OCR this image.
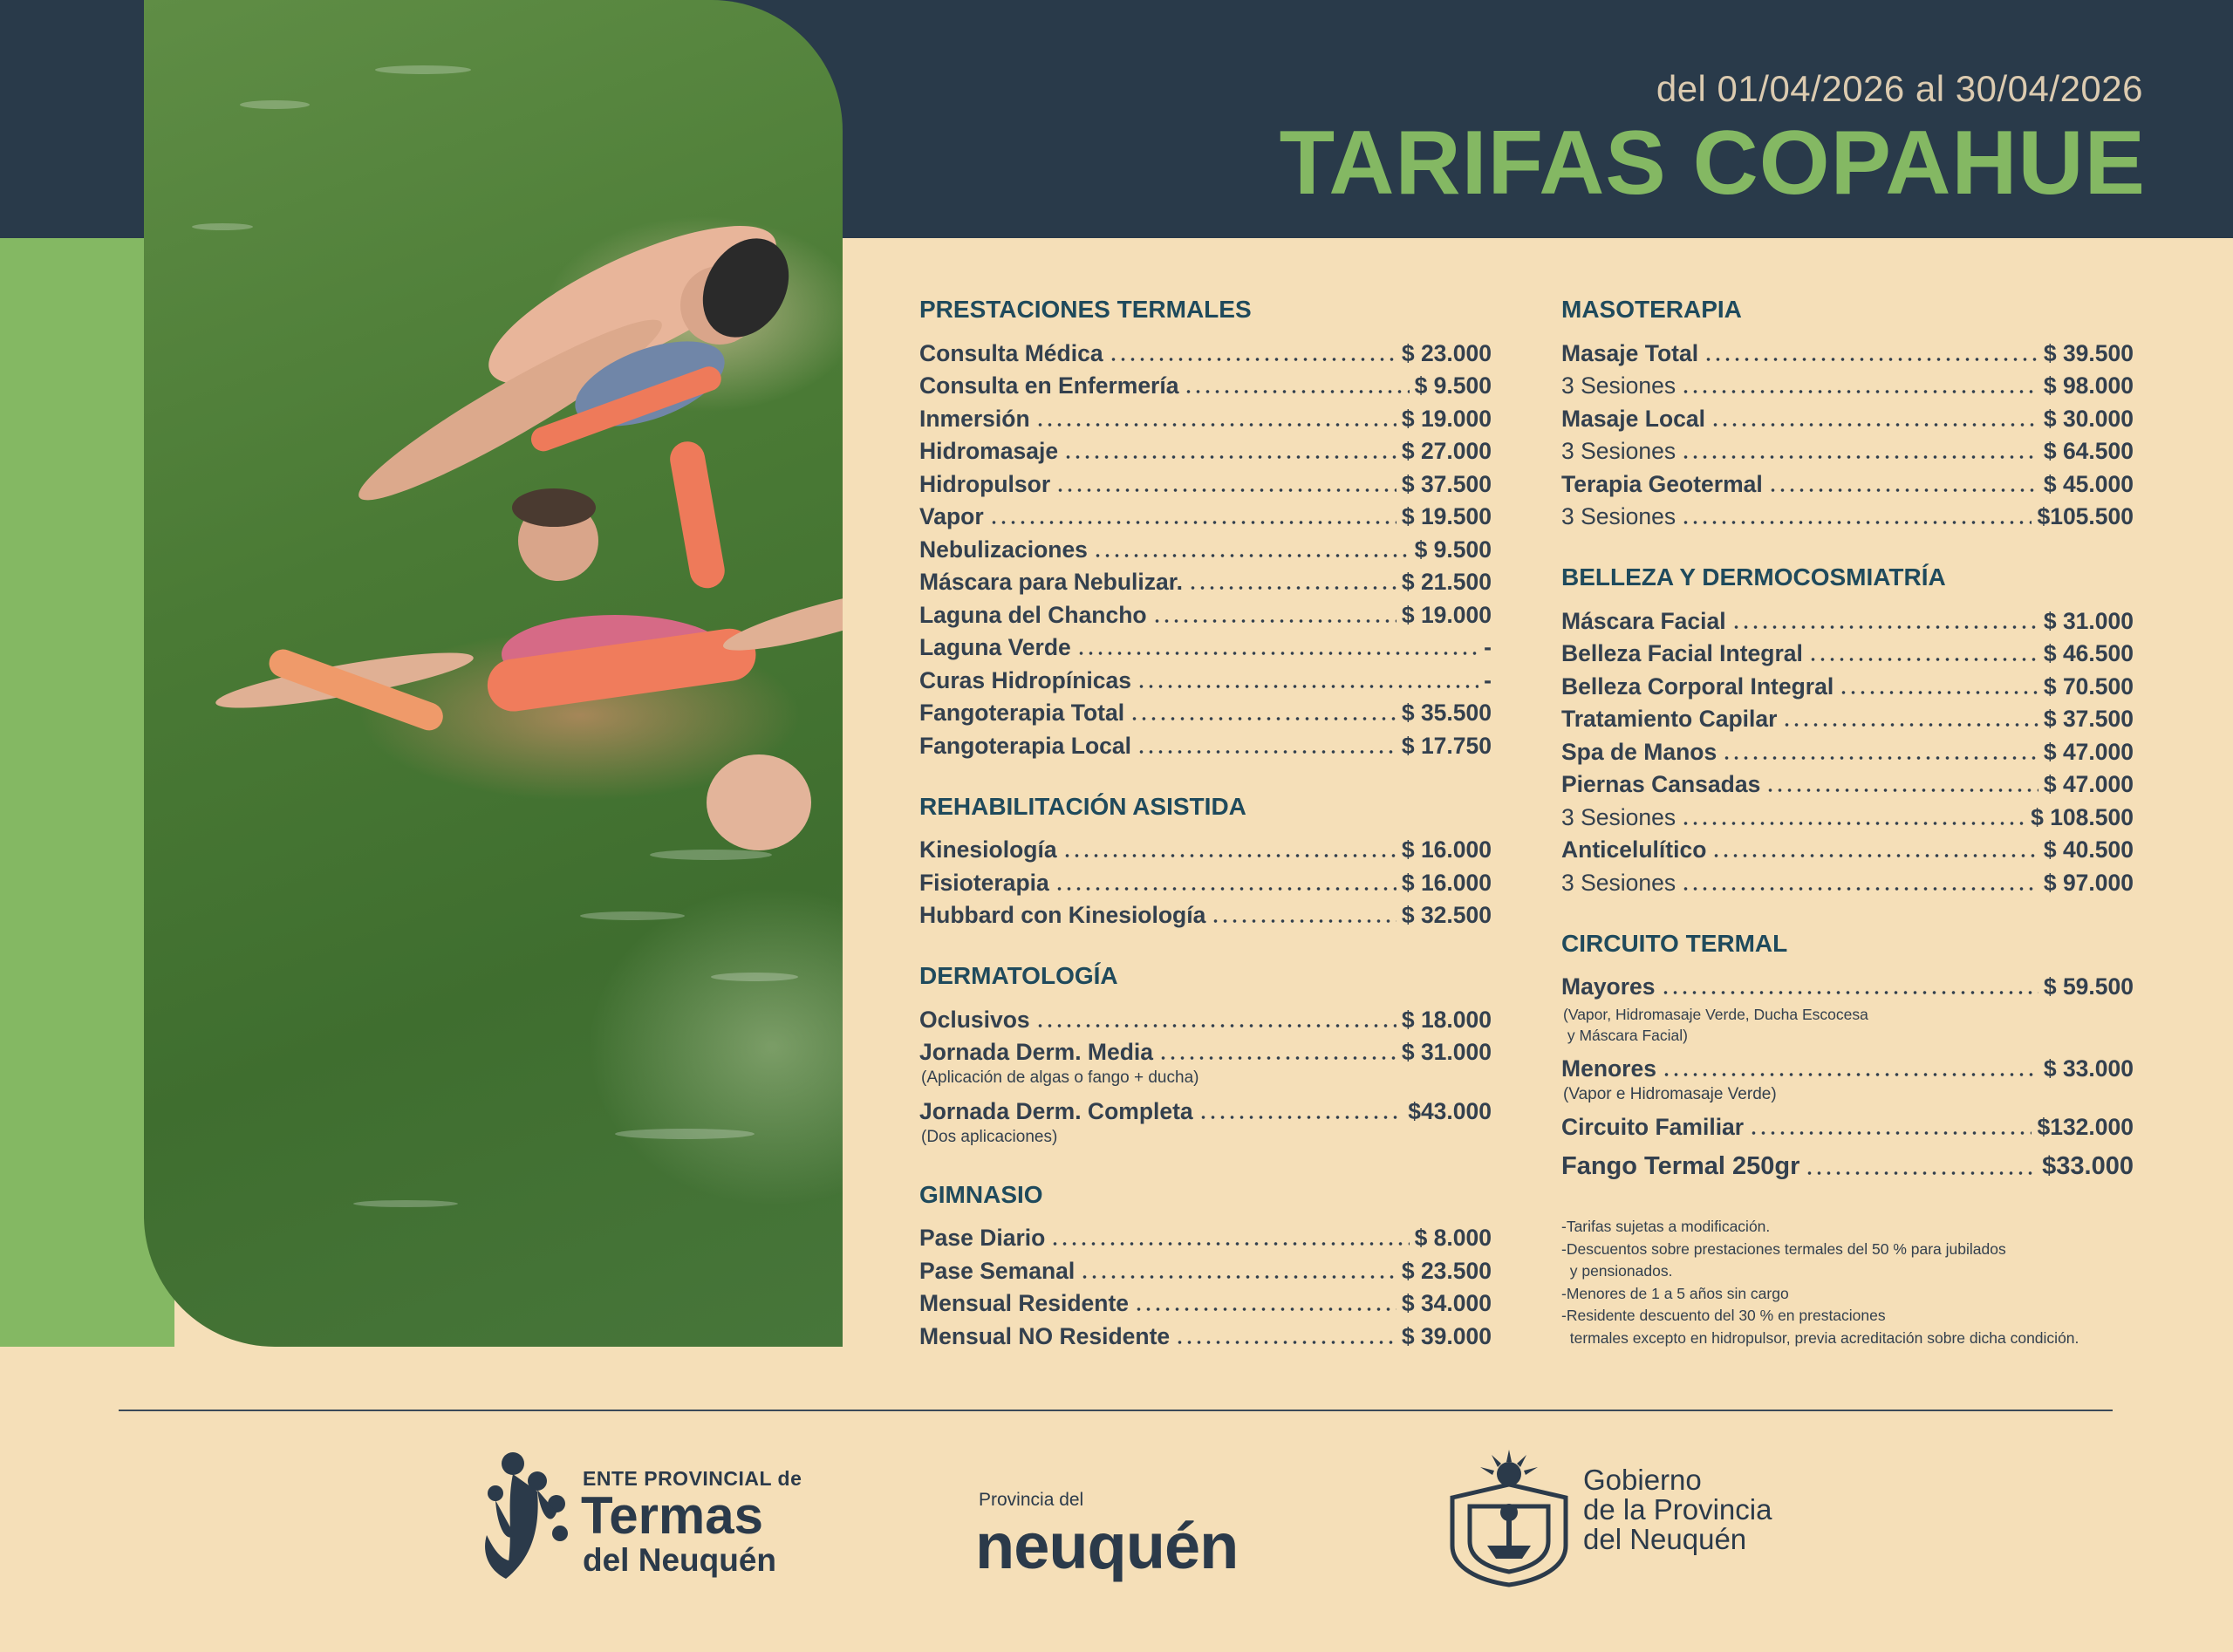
del 01/04/2026 al 30/04/2026
TARIFAS COPAHUE
PRESTACIONES TERMALES
Consulta Médica	$ 23.000
Consulta en Enfermería	$ 9.500
Inmersión	$ 19.000
Hidromasaje	$ 27.000
Hidropulsor	$ 37.500
Vapor	$ 19.500
Nebulizaciones	$ 9.500
Máscara para Nebulizar.	$ 21.500
Laguna del Chancho	$ 19.000
Laguna Verde	-
Curas Hidropínicas	-
Fangoterapia Total	$ 35.500
Fangoterapia Local	$ 17.750
REHABILITACIÓN ASISTIDA
Kinesiología	$ 16.000
Fisioterapia	$ 16.000
Hubbard con Kinesiología	$ 32.500
DERMATOLOGÍA
Oclusivos	$ 18.000
Jornada Derm. Media	$ 31.000
(Aplicación de algas o fango + ducha)
Jornada Derm. Completa	$43.000
(Dos aplicaciones)
GIMNASIO
Pase Diario	$ 8.000
Pase Semanal	$ 23.500
Mensual Residente	$ 34.000
Mensual NO Residente	$ 39.000
MASOTERAPIA
Masaje Total	$ 39.500
3 Sesiones	$ 98.000
Masaje Local	$ 30.000
3 Sesiones	$ 64.500
Terapia Geotermal	$ 45.000
3 Sesiones	$105.500
BELLEZA Y DERMOCOSMIATRÍA
Máscara Facial	$ 31.000
Belleza Facial Integral	$ 46.500
Belleza Corporal Integral	$ 70.500
Tratamiento Capilar	$ 37.500
Spa de Manos	$ 47.000
Piernas Cansadas	$ 47.000
3 Sesiones	$ 108.500
Anticelulítico	$ 40.500
3 Sesiones	$ 97.000
CIRCUITO TERMAL
Mayores	$ 59.500
(Vapor, Hidromasaje Verde, Ducha Escocesa
y Máscara Facial)
Menores	$ 33.000
(Vapor e Hidromasaje Verde)
Circuito Familiar	$132.000
Fango Termal 250gr	$33.000
-Tarifas sujetas a modificación.
-Descuentos sobre prestaciones termales del 50 % para jubilados
y pensionados.
-Menores de 1 a 5 años sin cargo
-Residente descuento del 30 % en prestaciones
termales excepto en hidropulsor, previa acreditación sobre dicha condición.
ENTE PROVINCIAL de
Termas
del Neuquén
Provincia del
neuquén
Gobierno
de la Provincia
del Neuquén
